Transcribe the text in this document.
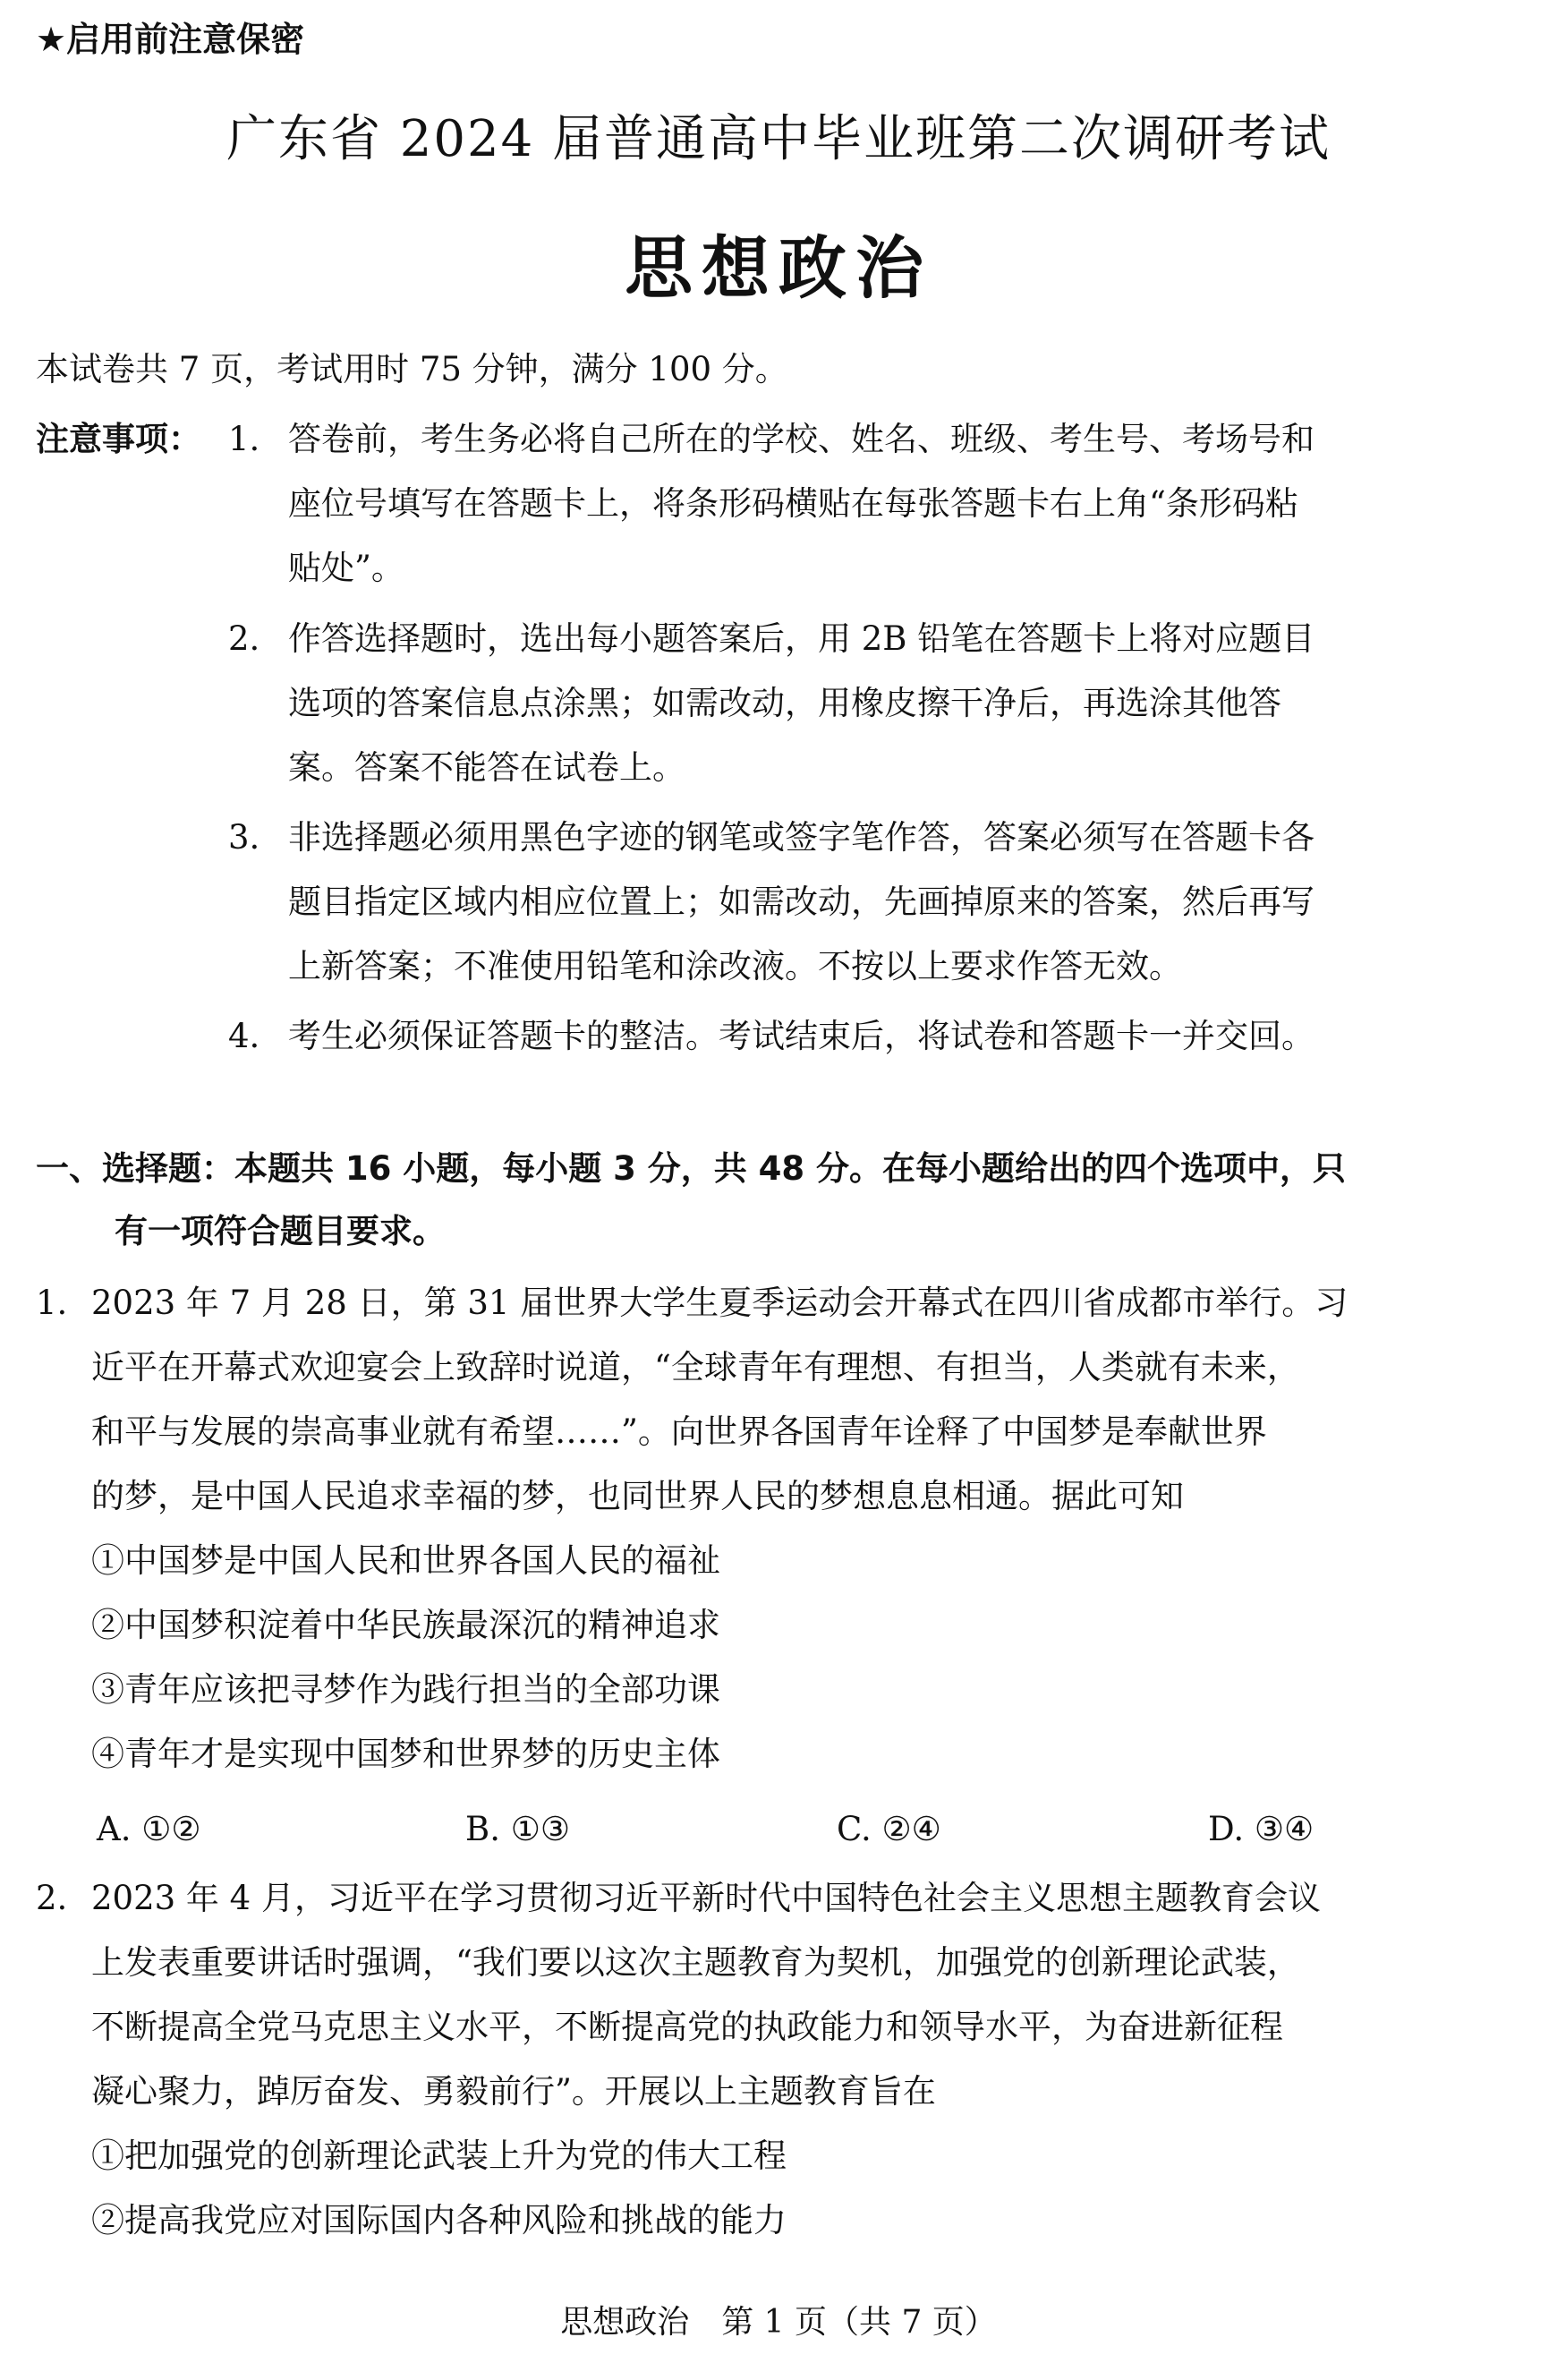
★启用前注意保密
广东省 2024 届普通高中毕业班第二次调研考试
思想政治
本试卷共 7 页，考试用时 75 分钟，满分 100 分。
注意事项： 1. 答卷前，考生务必将自己所在的学校、姓名、班级、考生号、考场号和
座位号填写在答题卡上，将条形码横贴在每张答题卡右上角“条形码粘
贴处”。
2. 作答选择题时，选出每小题答案后，用 2B 铅笔在答题卡上将对应题目
选项的答案信息点涂黑；如需改动，用橡皮擦干净后，再选涂其他答
案。答案不能答在试卷上。
3. 非选择题必须用黑色字迹的钢笔或签字笔作答，答案必须写在答题卡各
题目指定区域内相应位置上；如需改动，先画掉原来的答案，然后再写
上新答案；不准使用铅笔和涂改液。不按以上要求作答无效。
4. 考生必须保证答题卡的整洁。考试结束后，将试卷和答题卡一并交回。
一、选择题：本题共 16 小题，每小题 3 分，共 48 分。在每小题给出的四个选项中，只
有一项符合题目要求。
1. 2023 年 7 月 28 日，第 31 届世界大学生夏季运动会开幕式在四川省成都市举行。习
近平在开幕式欢迎宴会上致辞时说道，“全球青年有理想、有担当，人类就有未来，
和平与发展的崇高事业就有希望……”。向世界各国青年诠释了中国梦是奉献世界
的梦，是中国人民追求幸福的梦，也同世界人民的梦想息息相通。据此可知
①中国梦是中国人民和世界各国人民的福祉
②中国梦积淀着中华民族最深沉的精神追求
③青年应该把寻梦作为践行担当的全部功课
④青年才是实现中国梦和世界梦的历史主体
A. ①②	B. ①③	C. ②④	D. ③④
2. 2023 年 4 月，习近平在学习贯彻习近平新时代中国特色社会主义思想主题教育会议
上发表重要讲话时强调，“我们要以这次主题教育为契机，加强党的创新理论武装，
不断提高全党马克思主义水平，不断提高党的执政能力和领导水平，为奋进新征程
凝心聚力，踔厉奋发、勇毅前行”。开展以上主题教育旨在
①把加强党的创新理论武装上升为党的伟大工程
②提高我党应对国际国内各种风险和挑战的能力
思想政治　第 1 页（共 7 页）
